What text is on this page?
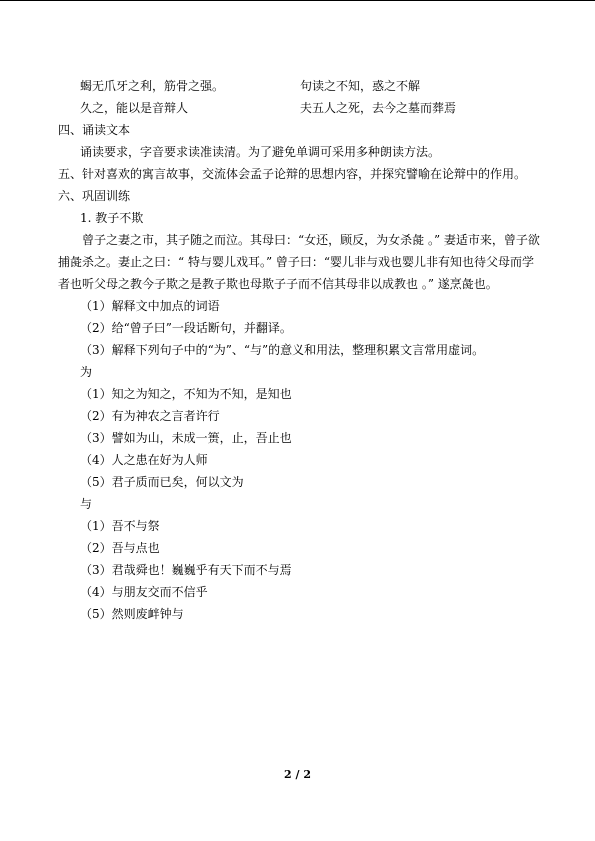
蝎无爪牙之利，筋骨之强。	句读之不知，惑之不解
久之，能以是音辩人	夫五人之死，去今之墓而葬焉
四、诵读文本
诵读要求，字音要求读准读清。为了避免单调可采用多种朗读方法。
五、针对喜欢的寓言故事，交流体会孟子论辩的思想内容，并探究譬喻在论辩中的作用。
六、巩固训练
1. 教子不欺
曾子之妻之市，其子随之而泣。其母曰：“女还，顾反，为女杀彘 。” 妻适市来，曾子欲捕彘杀之。妻止之曰：“ 特与婴儿戏耳。” 曾子曰：“婴儿非与戏也婴儿非有知也待父母而学者也听父母之教今子欺之是教子欺也母欺子子而不信其母非以成教也 。” 遂烹彘也。
（1）解释文中加点的词语
（2）给“曾子曰”一段话断句，并翻译。
（3）解释下列句子中的“为”、“与”的意义和用法，整理积累文言常用虚词。
为
（1）知之为知之，不知为不知，是知也
（2）有为神农之言者许行
（3）譬如为山，未成一篑，止，吾止也
（4）人之患在好为人师
（5）君子质而已矣，何以文为
与
（1）吾不与祭
（2）吾与点也
（3）君哉舜也！巍巍乎有天下而不与焉
（4）与朋友交而不信乎
（5）然则废衅钟与
2 / 2
